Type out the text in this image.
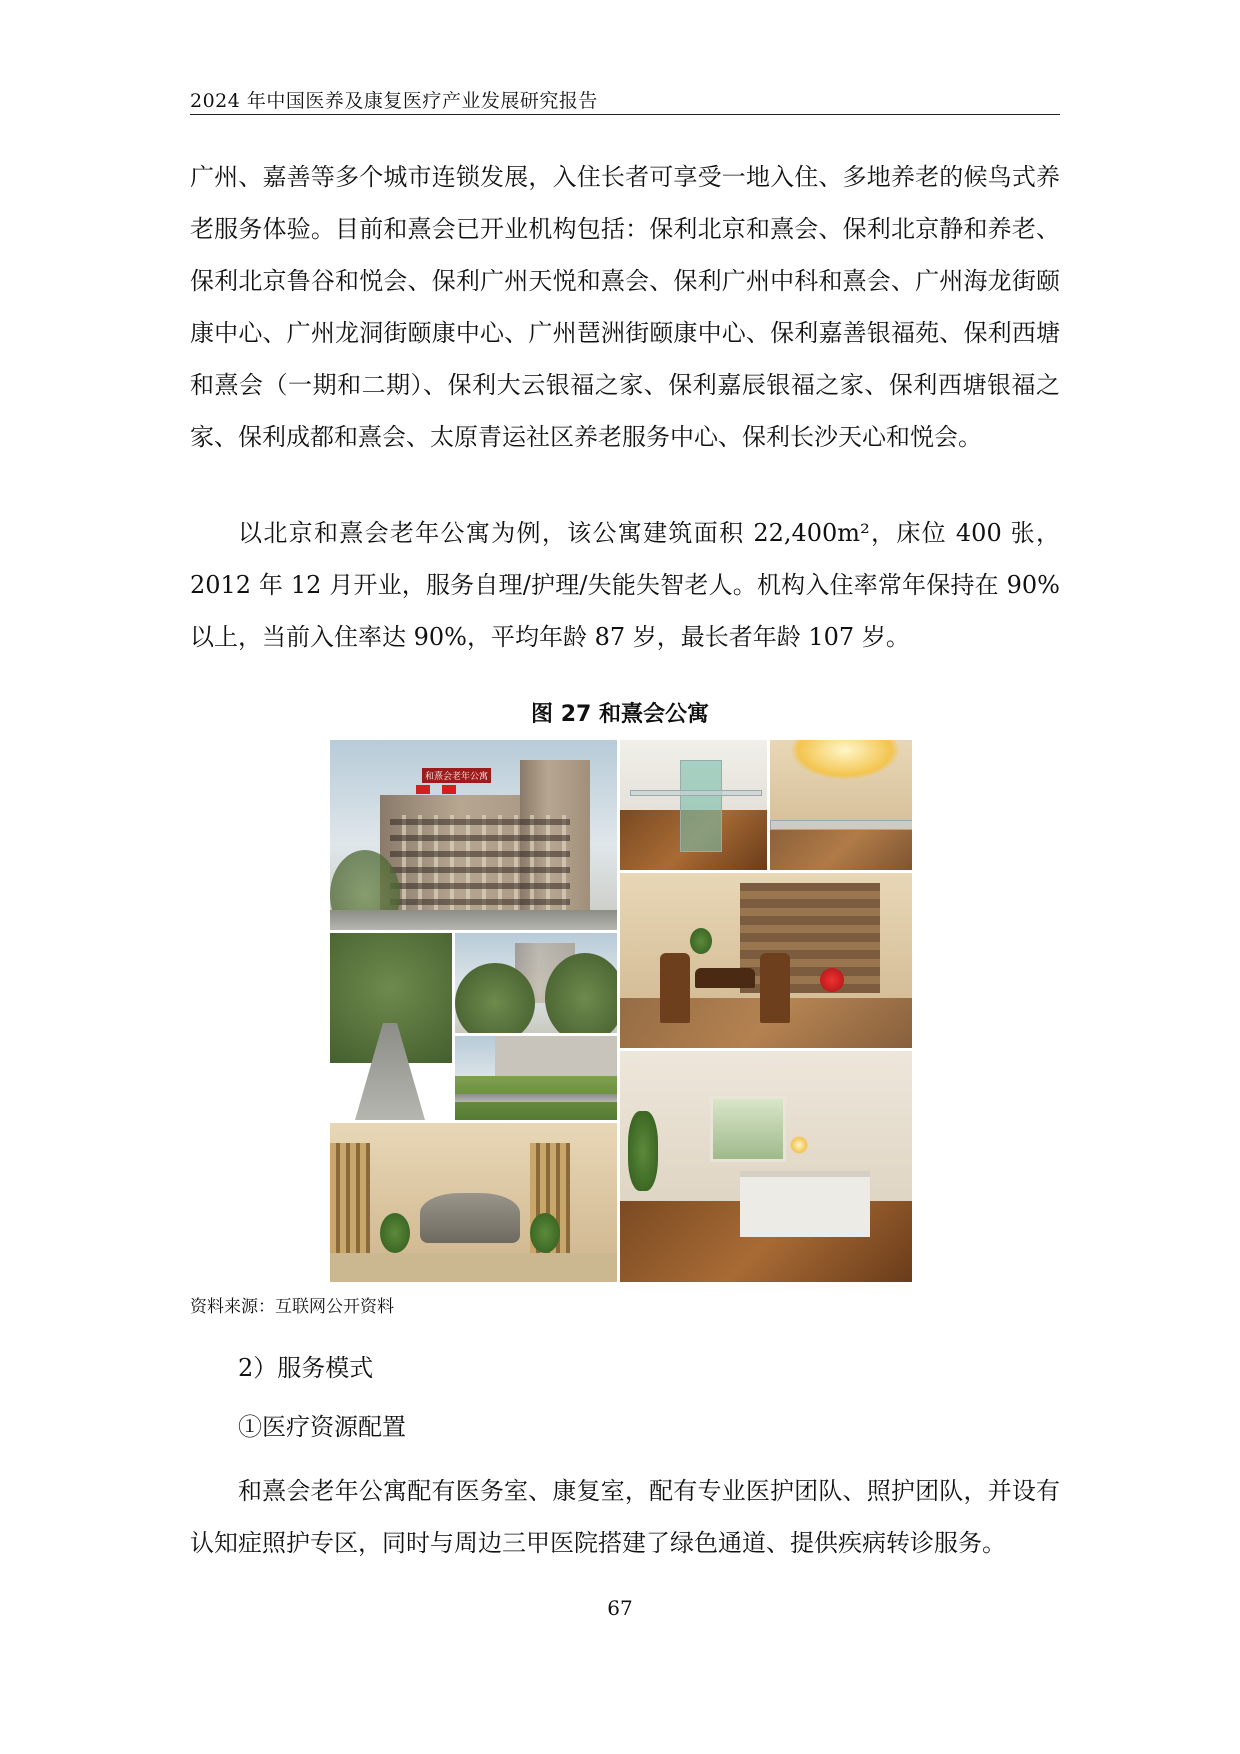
2024 年中国医养及康复医疗产业发展研究报告

广州、嘉善等多个城市连锁发展，入住长者可享受一地入住、多地养老的候鸟式养老服务体验。目前和熹会已开业机构包括：保利北京和熹会、保利北京静和养老、保利北京鲁谷和悦会、保利广州天悦和熹会、保利广州中科和熹会、广州海龙街颐康中心、广州龙洞街颐康中心、广州琶洲街颐康中心、保利嘉善银福苑、保利西塘和熹会（一期和二期）、保利大云银福之家、保利嘉辰银福之家、保利西塘银福之家、保利成都和熹会、太原青运社区养老服务中心、保利长沙天心和悦会。

以北京和熹会老年公寓为例，该公寓建筑面积 22,400m²，床位 400 张，2012 年 12 月开业，服务自理/护理/失能失智老人。机构入住率常年保持在 90%以上，当前入住率达 90%，平均年龄 87 岁，最长者年龄 107 岁。

图 27 和熹会公寓
和熹会老年公寓
资料来源：互联网公开资料
2）服务模式
①医疗资源配置

和熹会老年公寓配有医务室、康复室，配有专业医护团队、照护团队，并设有认知症照护专区，同时与周边三甲医院搭建了绿色通道、提供疾病转诊服务。

67
